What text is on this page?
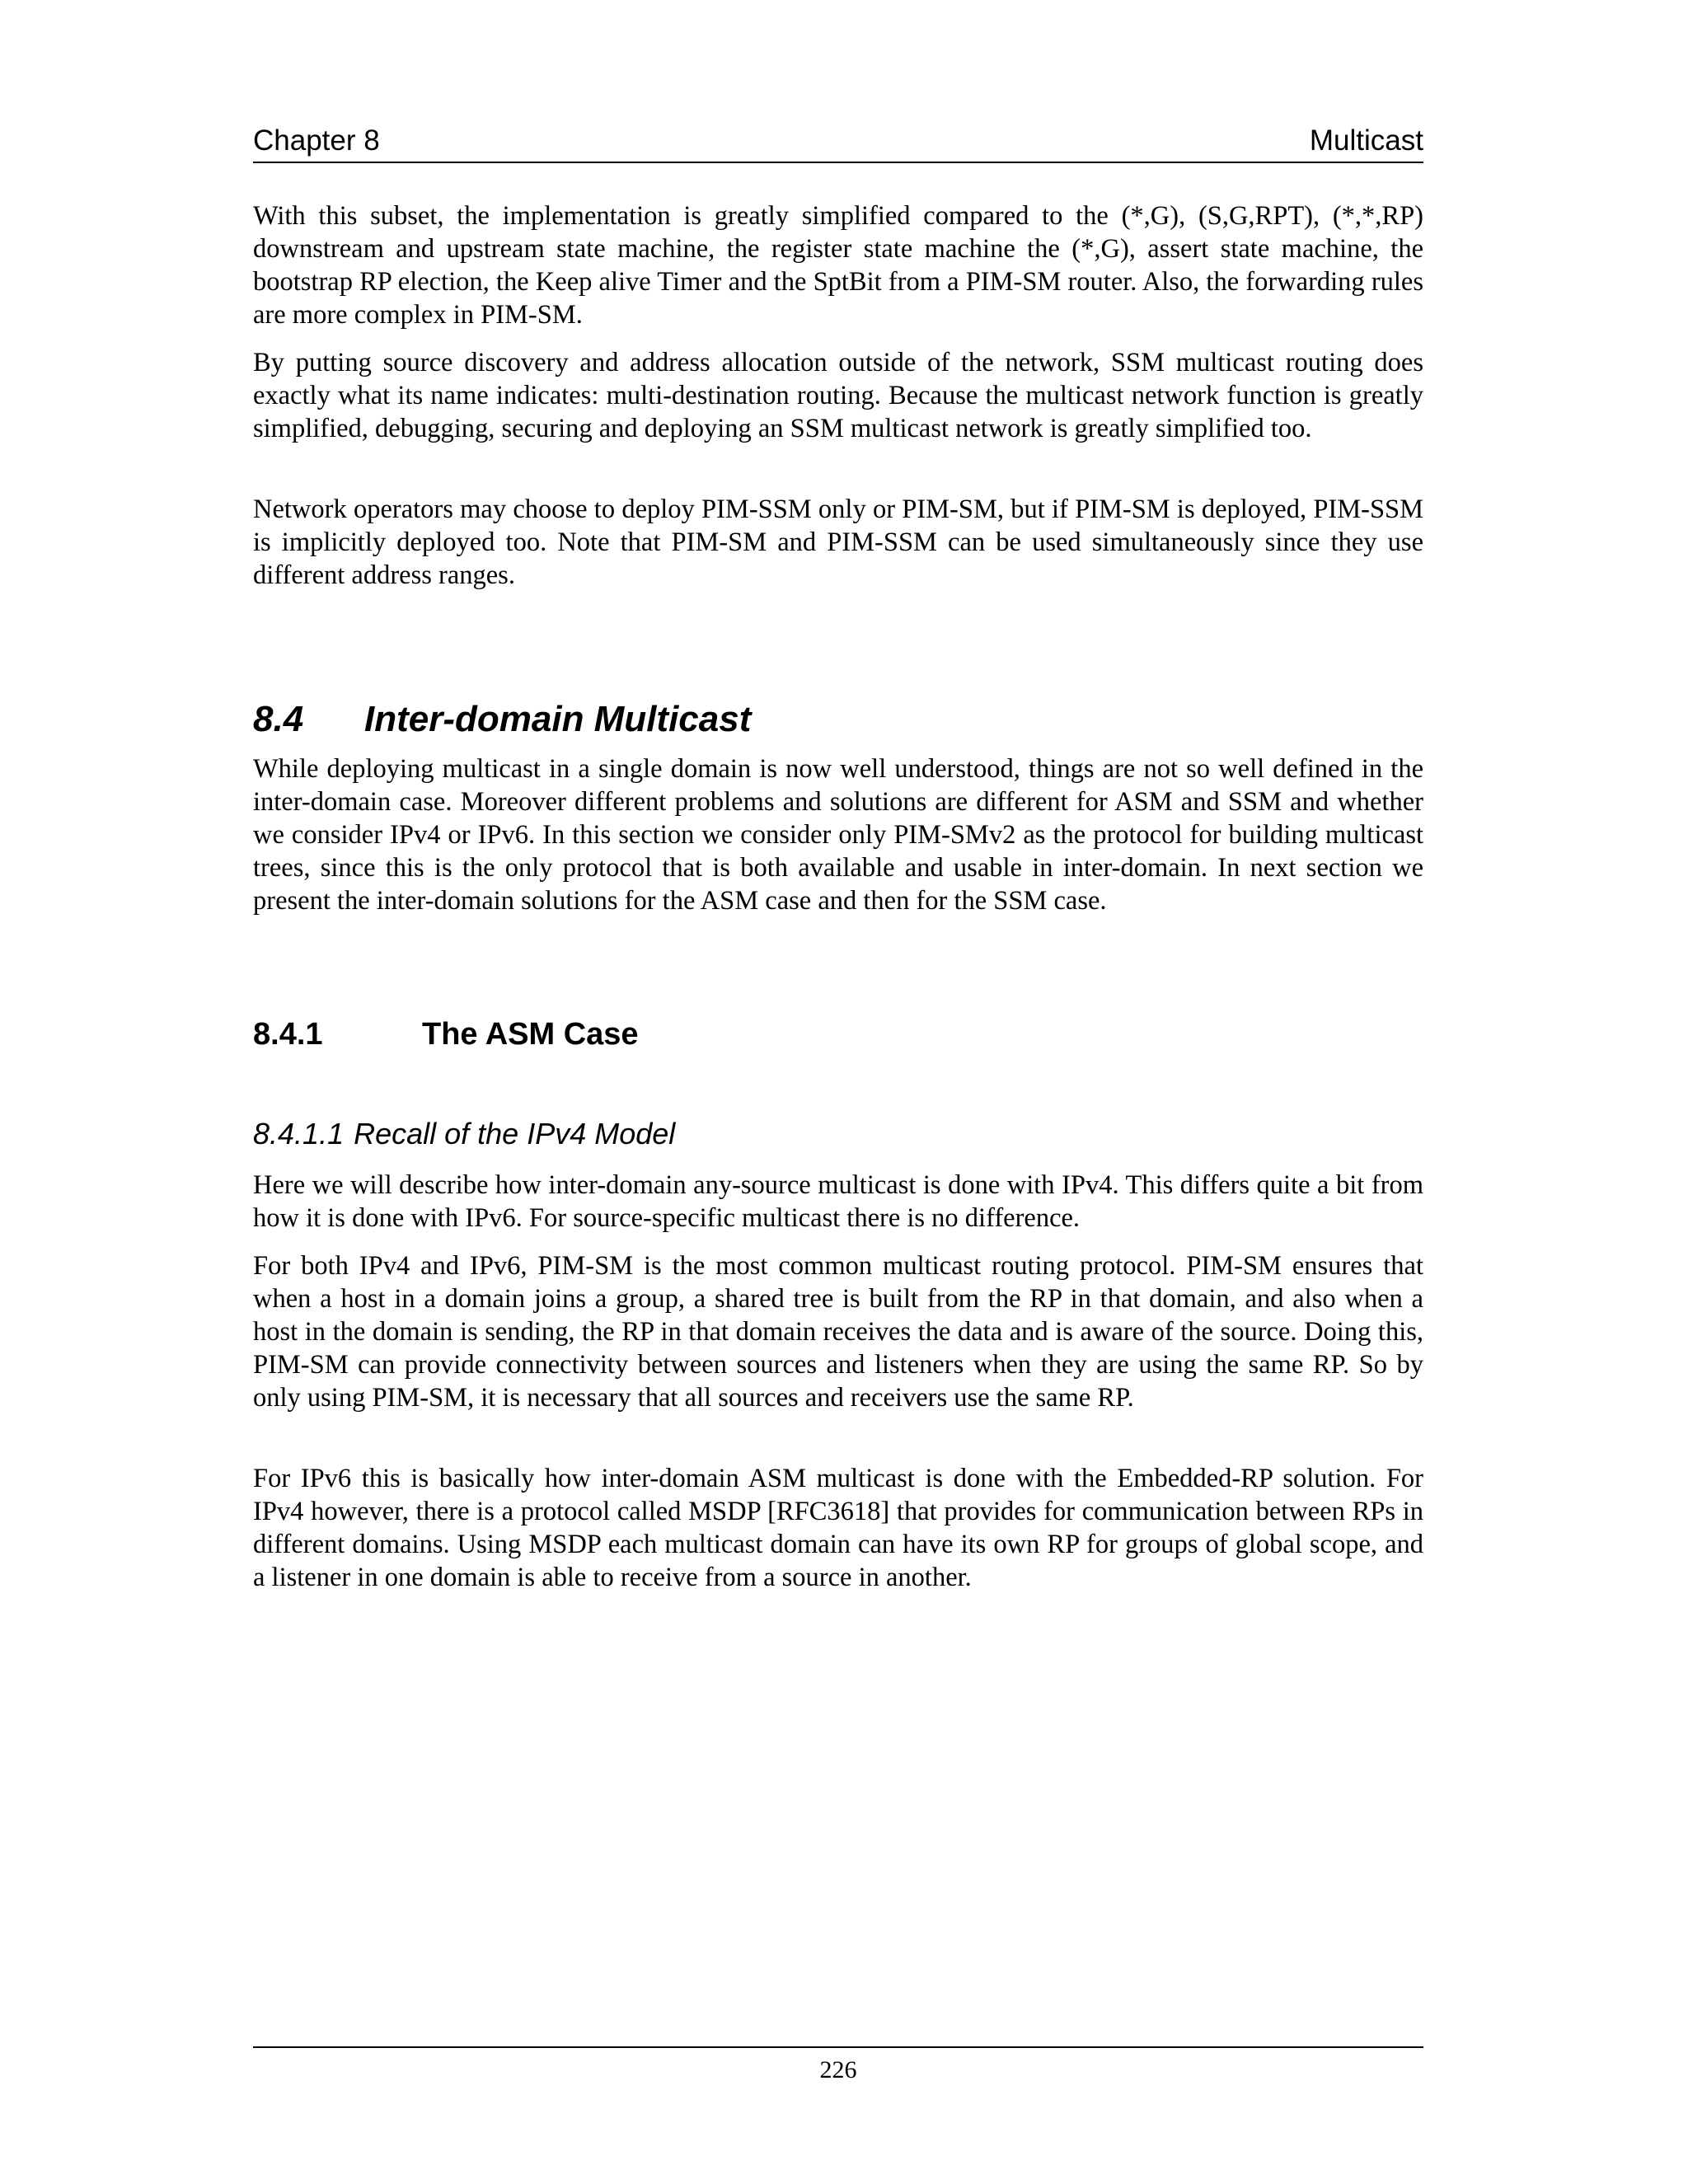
Chapter 8	Multicast

With this subset, the implementation is greatly simplified compared to the (*,G), (S,G,RPT), (*,*,RP) downstream and upstream state machine, the register state machine the (*,G), assert state machine, the bootstrap RP election, the Keep alive Timer and the SptBit from a PIM-SM router. Also, the forwarding rules are more complex in PIM-SM.

By putting source discovery and address allocation outside of the network, SSM multicast routing does exactly what its name indicates: multi-destination routing. Because the multicast network function is greatly simplified, debugging, securing and deploying an SSM multicast network is greatly simplified too.

Network operators may choose to deploy PIM-SSM only or PIM-SM, but if PIM-SM is deployed, PIM-SSM is implicitly deployed too. Note that PIM-SM and PIM-SSM can be used simultaneously since they use different address ranges.

8.4 Inter-domain Multicast

While deploying multicast in a single domain is now well understood, things are not so well defined in the inter-domain case. Moreover different problems and solutions are different for ASM and SSM and whether we consider IPv4 or IPv6. In this section we consider only PIM-SMv2 as the protocol for building multicast trees, since this is the only protocol that is both available and usable in inter-domain. In next section we present the inter-domain solutions for the ASM case and then for the SSM case.

8.4.1	The ASM Case
8.4.1.1 Recall of the IPv4 Model

Here we will describe how inter-domain any-source multicast is done with IPv4. This differs quite a bit from how it is done with IPv6. For source-specific multicast there is no difference.

For both IPv4 and IPv6, PIM-SM is the most common multicast routing protocol. PIM-SM ensures that when a host in a domain joins a group, a shared tree is built from the RP in that domain, and also when a host in the domain is sending, the RP in that domain receives the data and is aware of the source. Doing this, PIM-SM can provide connectivity between sources and listeners when they are using the same RP. So by only using PIM-SM, it is necessary that all sources and receivers use the same RP.

For IPv6 this is basically how inter-domain ASM multicast is done with the Embedded-RP solution. For IPv4 however, there is a protocol called MSDP [RFC3618] that provides for communication between RPs in different domains. Using MSDP each multicast domain can have its own RP for groups of global scope, and a listener in one domain is able to receive from a source in another.

226
